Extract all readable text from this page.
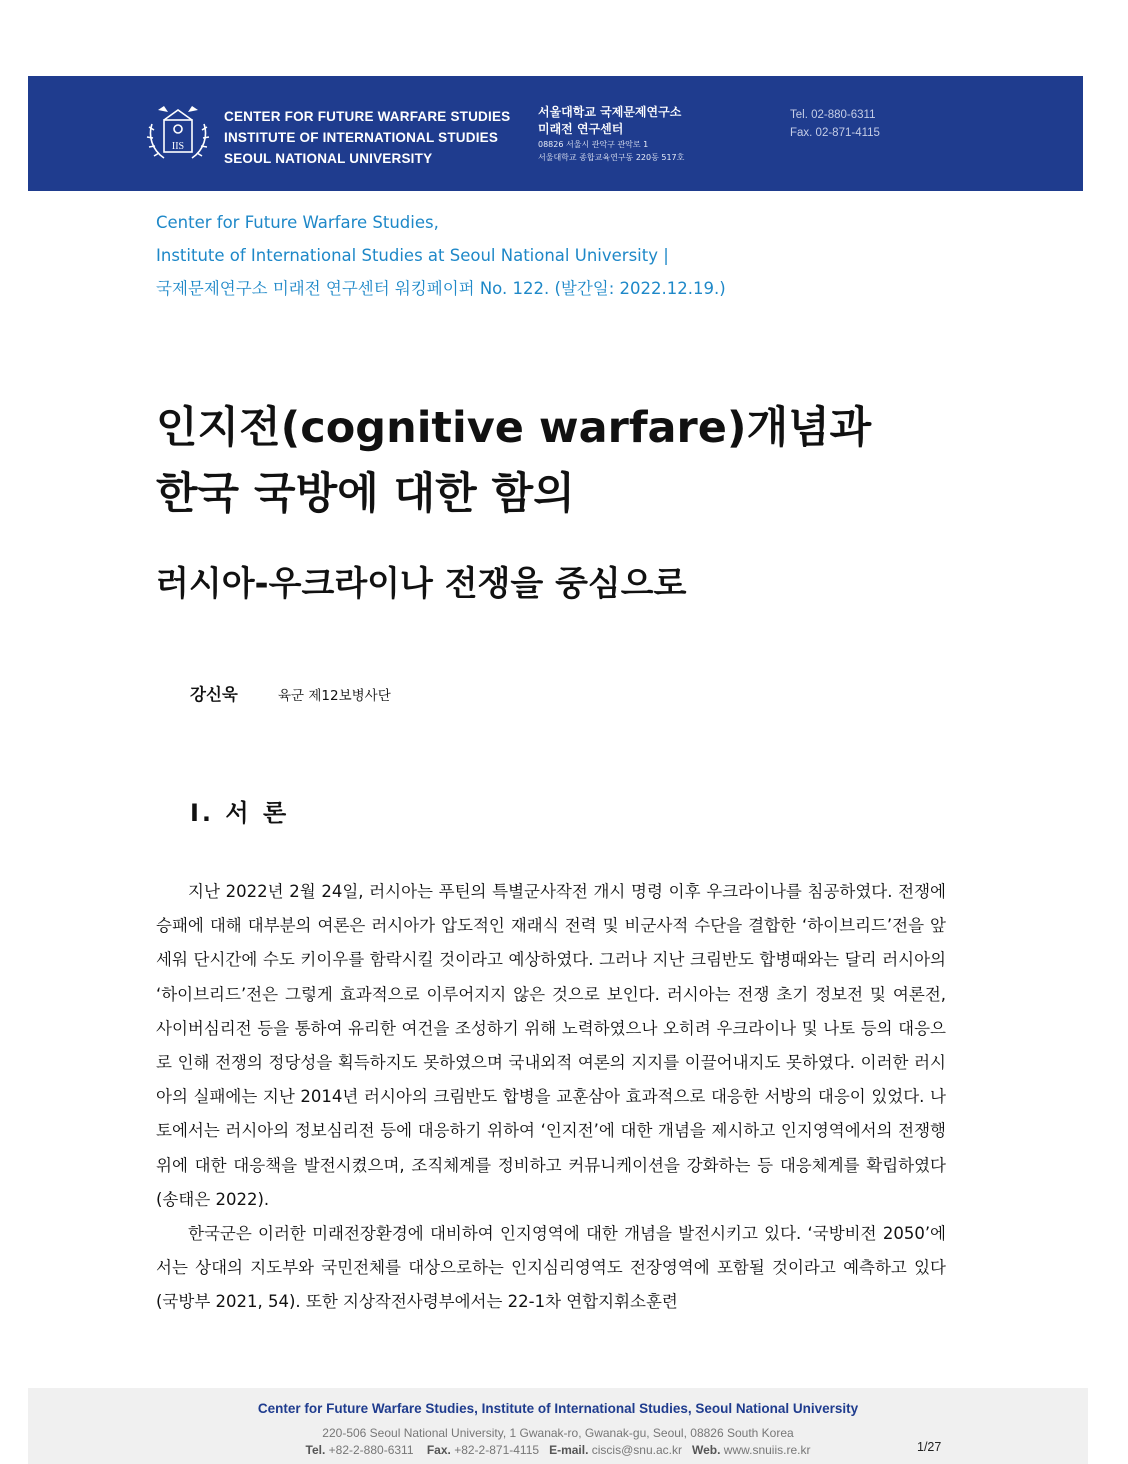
IIS
CENTER FOR FUTURE WARFARE STUDIES
INSTITUTE OF INTERNATIONAL STUDIES
SEOUL NATIONAL UNIVERSITY
서울대학교 국제문제연구소
미래전 연구센터
08826 서울시 관악구 관악로 1
서울대학교 종합교육연구동 220동 517호
Tel. 02-880-6311
Fax. 02-871-4115
Center for Future Warfare Studies,
Institute of International Studies at Seoul National University |
국제문제연구소 미래전 연구센터 워킹페이퍼 No. 122. (발간일: 2022.12.19.)
인지전(cognitive warfare)개념과
한국 국방에 대한 함의
러시아-우크라이나 전쟁을 중심으로
강신욱	육군 제12보병사단
Ⅰ. 서 론

지난 2022년 2월 24일, 러시아는 푸틴의 특별군사작전 개시 명령 이후 우크라이나를 침공하였다. 전쟁에 승패에 대해 대부분의 여론은 러시아가 압도적인 재래식 전력 및 비군사적 수단을 결합한 ‘하이브리드’전을 앞세워 단시간에 수도 키이우를 함락시킬 것이라고 예상하였다. 그러나 지난 크림반도 합병때와는 달리 러시아의 ‘하이브리드’전은 그렇게 효과적으로 이루어지지 않은 것으로 보인다. 러시아는 전쟁 초기 정보전 및 여론전, 사이버심리전 등을 통하여 유리한 여건을 조성하기 위해 노력하였으나 오히려 우크라이나 및 나토 등의 대응으로 인해 전쟁의 정당성을 획득하지도 못하였으며 국내외적 여론의 지지를 이끌어내지도 못하였다. 이러한 러시아의 실패에는 지난 2014년 러시아의 크림반도 합병을 교훈삼아 효과적으로 대응한 서방의 대응이 있었다. 나토에서는 러시아의 정보심리전 등에 대응하기 위하여 ‘인지전’에 대한 개념을 제시하고 인지영역에서의 전쟁행위에 대한 대응책을 발전시켰으며, 조직체계를 정비하고 커뮤니케이션을 강화하는 등 대응체계를 확립하였다(송태은 2022).

한국군은 이러한 미래전장환경에 대비하여 인지영역에 대한 개념을 발전시키고 있다. ‘국방비전 2050’에서는 상대의 지도부와 국민전체를 대상으로하는 인지심리영역도 전장영역에 포함될 것이라고 예측하고 있다(국방부 2021, 54). 또한 지상작전사령부에서는 22-1차 연합지휘소훈련

Center for Future Warfare Studies, Institute of International Studies, Seoul National University
220-506 Seoul National University, 1 Gwanak-ro, Gwanak-gu, Seoul, 08826 South Korea
Tel. +82-2-880-6311 Fax. +82-2-871-4115 E-mail. ciscis@snu.ac.kr Web. www.snuiis.re.kr	1/27
